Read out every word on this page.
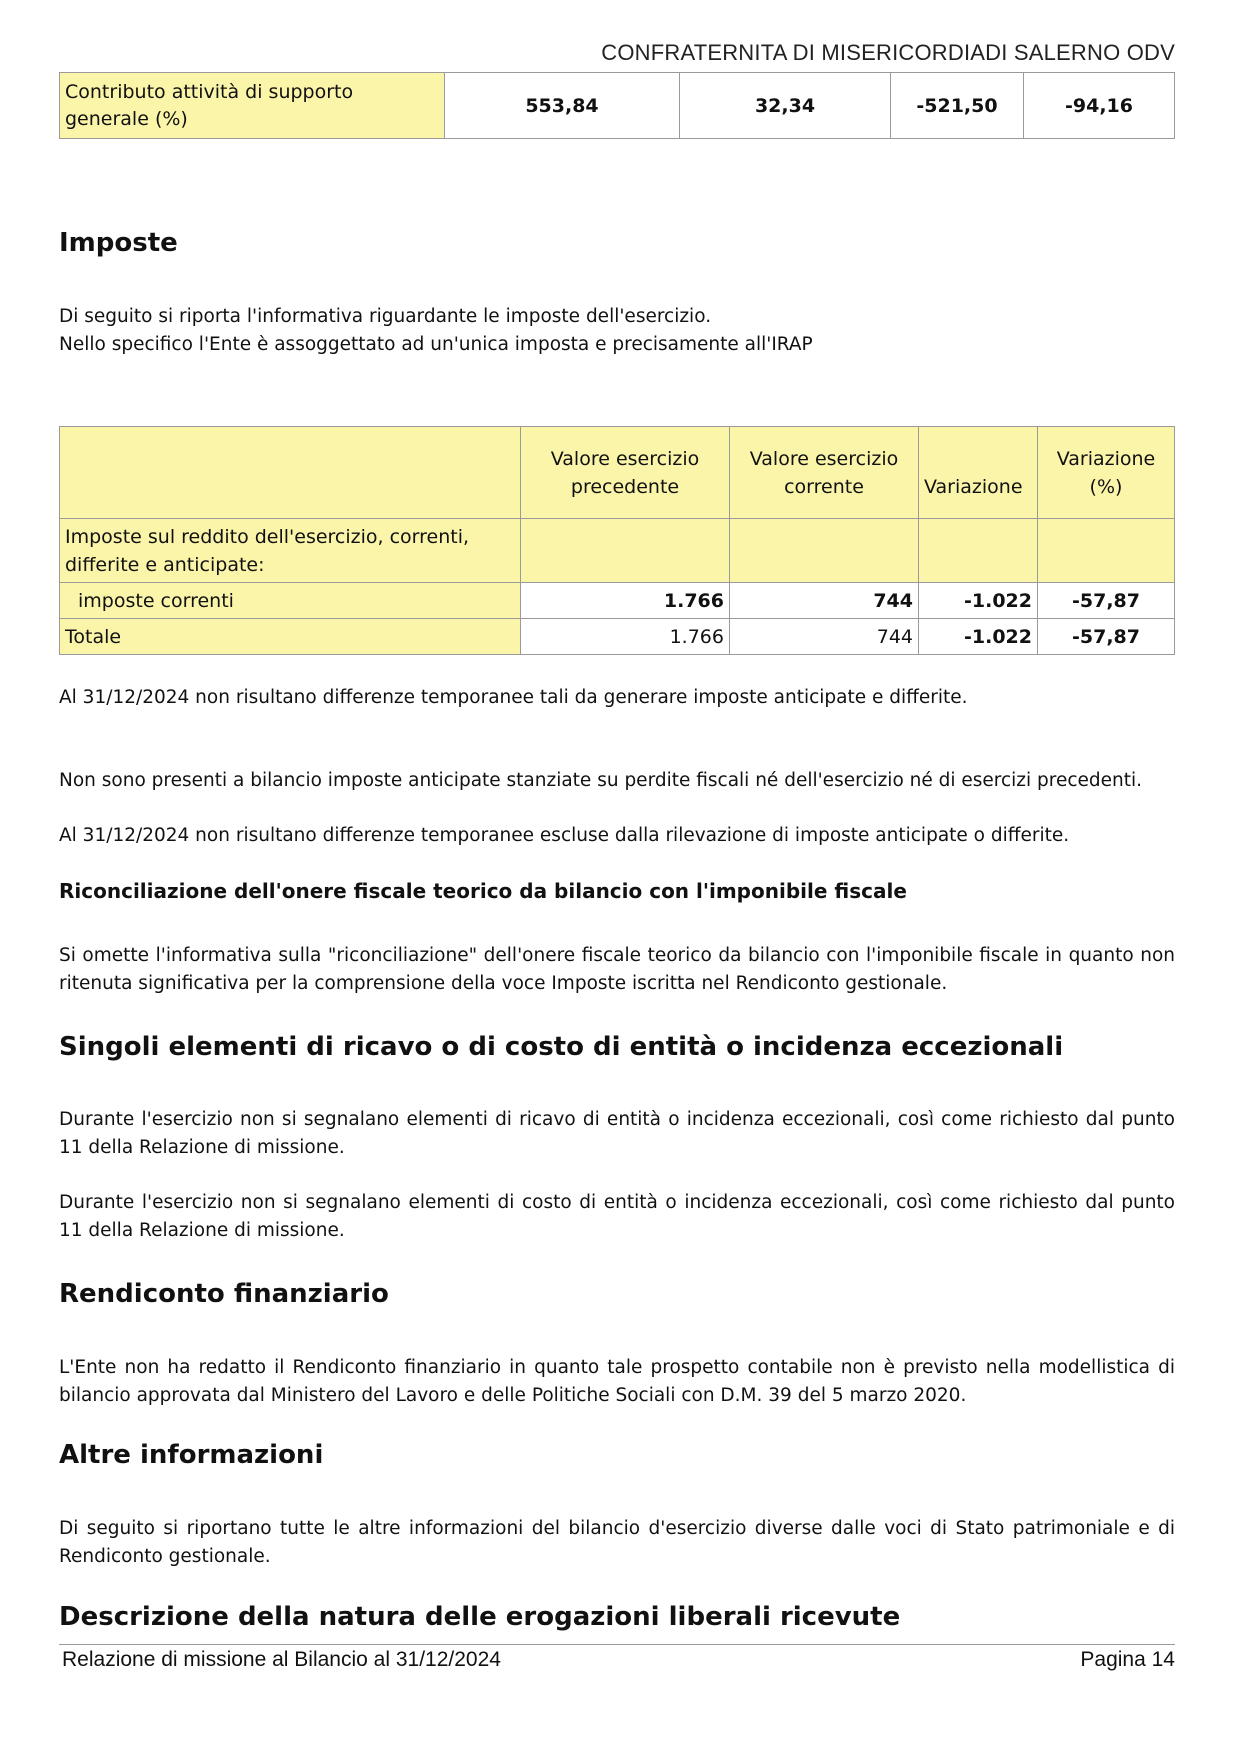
CONFRATERNITA DI MISERICORDIADI SALERNO ODV
Contributo attività di supporto generale (%)	553,84	32,34	-521,50	-94,16
Imposte
Di seguito si riporta l'informativa riguardante le imposte dell'esercizio.
Nello specifico l'Ente è assoggettato ad un'unica imposta e precisamente all'IRAP
	Valore esercizio precedente	Valore esercizio corrente	Variazione	Variazione (%)
Imposte sul reddito dell'esercizio, correnti, differite e anticipate:				
imposte correnti	1.766	744	-1.022	-57,87
Totale	1.766	744	-1.022	-57,87
Al 31/12/2024 non risultano differenze temporanee tali da generare imposte anticipate e differite.
Non sono presenti a bilancio imposte anticipate stanziate su perdite fiscali né dell'esercizio né di esercizi precedenti.
Al 31/12/2024 non risultano differenze temporanee escluse dalla rilevazione di imposte anticipate o differite.
Riconciliazione dell'onere fiscale teorico da bilancio con l'imponibile fiscale
Si omette l'informativa sulla "riconciliazione" dell'onere fiscale teorico da bilancio con l'imponibile fiscale in quanto non ritenuta significativa per la comprensione della voce Imposte iscritta nel Rendiconto gestionale.
Singoli elementi di ricavo o di costo di entità o incidenza eccezionali
Durante l'esercizio non si segnalano elementi di ricavo di entità o incidenza eccezionali, così come richiesto dal punto 11 della Relazione di missione.
Durante l'esercizio non si segnalano elementi di costo di entità o incidenza eccezionali, così come richiesto dal punto 11 della Relazione di missione.
Rendiconto finanziario
L'Ente non ha redatto il Rendiconto finanziario in quanto tale prospetto contabile non è previsto nella modellistica di bilancio approvata dal Ministero del Lavoro e delle Politiche Sociali con D.M. 39 del 5 marzo 2020.
Altre informazioni
Di seguito si riportano tutte le altre informazioni del bilancio d'esercizio diverse dalle voci di Stato patrimoniale e di Rendiconto gestionale.
Descrizione della natura delle erogazioni liberali ricevute
Relazione di missione al Bilancio al 31/12/2024	Pagina 14
